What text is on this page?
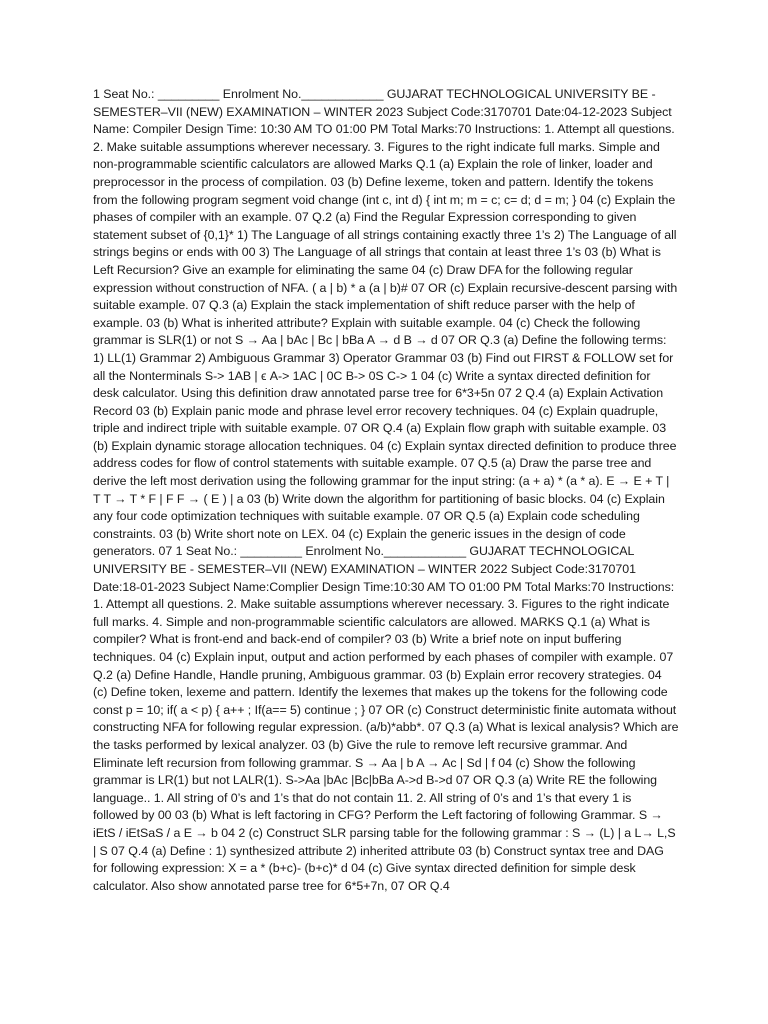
1 Seat No.: _________ Enrolment No.____________ GUJARAT TECHNOLOGICAL UNIVERSITY BE - SEMESTER–VII (NEW) EXAMINATION – WINTER 2023 Subject Code:3170701 Date:04-12-2023 Subject Name: Compiler Design Time: 10:30 AM TO 01:00 PM Total Marks:70 Instructions: 1. Attempt all questions. 2. Make suitable assumptions wherever necessary. 3. Figures to the right indicate full marks. Simple and non-programmable scientific calculators are allowed Marks Q.1 (a) Explain the role of linker, loader and preprocessor in the process of compilation. 03 (b) Define lexeme, token and pattern. Identify the tokens from the following program segment void change (int c, int d) { int m; m = c; c= d; d = m; } 04 (c) Explain the phases of compiler with an example. 07 Q.2 (a) Find the Regular Expression corresponding to given statement subset of {0,1}* 1) The Language of all strings containing exactly three 1’s 2) The Language of all strings begins or ends with 00 3) The Language of all strings that contain at least three 1’s 03 (b) What is Left Recursion? Give an example for eliminating the same 04 (c) Draw DFA for the following regular expression without construction of NFA. ( a | b) * a (a | b)# 07 OR (c) Explain recursive-descent parsing with suitable example. 07 Q.3 (a) Explain the stack implementation of shift reduce parser with the help of example. 03 (b) What is inherited attribute? Explain with suitable example. 04 (c) Check the following grammar is SLR(1) or not S → Aa | bAc | Bc | bBa A → d B → d 07 OR Q.3 (a) Define the following terms: 1) LL(1) Grammar 2) Ambiguous Grammar 3) Operator Grammar 03 (b) Find out FIRST & FOLLOW set for all the Nonterminals S-> 1AB | ϵ A-> 1AC | 0C B-> 0S C-> 1 04 (c) Write a syntax directed definition for desk calculator. Using this definition draw annotated parse tree for 6*3+5n 07 2 Q.4 (a) Explain Activation Record 03 (b) Explain panic mode and phrase level error recovery techniques. 04 (c) Explain quadruple, triple and indirect triple with suitable example. 07 OR Q.4 (a) Explain flow graph with suitable example. 03 (b) Explain dynamic storage allocation techniques. 04 (c) Explain syntax directed definition to produce three address codes for flow of control statements with suitable example. 07 Q.5 (a) Draw the parse tree and derive the left most derivation using the following grammar for the input string: (a + a) * (a * a). E → E + T | T T → T * F | F F → ( E ) | a 03 (b) Write down the algorithm for partitioning of basic blocks. 04 (c) Explain any four code optimization techniques with suitable example. 07 OR Q.5 (a) Explain code scheduling constraints. 03 (b) Write short note on LEX. 04 (c) Explain the generic issues in the design of code generators. 07 1 Seat No.: _________ Enrolment No.____________ GUJARAT TECHNOLOGICAL UNIVERSITY BE - SEMESTER–VII (NEW) EXAMINATION – WINTER 2022 Subject Code:3170701 Date:18-01-2023 Subject Name:Complier Design Time:10:30 AM TO 01:00 PM Total Marks:70 Instructions: 1. Attempt all questions. 2. Make suitable assumptions wherever necessary. 3. Figures to the right indicate full marks. 4. Simple and non-programmable scientific calculators are allowed. MARKS Q.1 (a) What is compiler? What is front-end and back-end of compiler? 03 (b) Write a brief note on input buffering techniques. 04 (c) Explain input, output and action performed by each phases of compiler with example. 07 Q.2 (a) Define Handle, Handle pruning, Ambiguous grammar. 03 (b) Explain error recovery strategies. 04 (c) Define token, lexeme and pattern. Identify the lexemes that makes up the tokens for the following code const p = 10; if( a < p) { a++ ; If(a== 5) continue ; } 07 OR (c) Construct deterministic finite automata without constructing NFA for following regular expression. (a/b)*abb*. 07 Q.3 (a) What is lexical analysis? Which are the tasks performed by lexical analyzer. 03 (b) Give the rule to remove left recursive grammar. And Eliminate left recursion from following grammar. S → Aa | b A → Ac | Sd | f 04 (c) Show the following grammar is LR(1) but not LALR(1). S->Aa |bAc |Bc|bBa A->d B->d 07 OR Q.3 (a) Write RE the following language.. 1. All string of 0’s and 1’s that do not contain 11. 2. All string of 0’s and 1’s that every 1 is followed by 00 03 (b) What is left factoring in CFG? Perform the Left factoring of following Grammar. S → iEtS / iEtSaS / a E → b 04 2 (c) Construct SLR parsing table for the following grammar : S → (L) | a L→ L,S | S 07 Q.4 (a) Define : 1) synthesized attribute 2) inherited attribute 03 (b) Construct syntax tree and DAG for following expression: X = a * (b+c)- (b+c)* d 04 (c) Give syntax directed definition for simple desk calculator. Also show annotated parse tree for 6*5+7n, 07 OR Q.4
